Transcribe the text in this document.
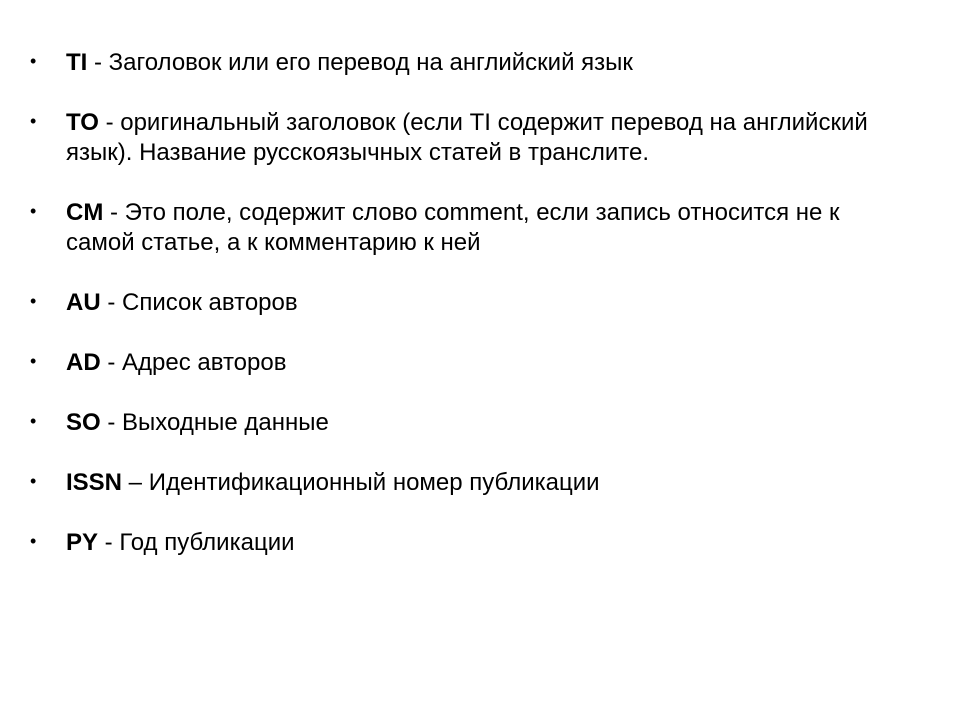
• TI - Заголовок или его перевод на английский язык
• TO - оригинальный заголовок (если TI содержит перевод на английский язык). Название русскоязычных статей в транслите.
• CM - Это поле, содержит слово comment, если запись относится не к самой статье, а к комментарию к ней
• AU - Список авторов
• AD - Адрес авторов
• SO - Выходные данные
• ISSN – Идентификационный номер публикации
• PY - Год публикации
